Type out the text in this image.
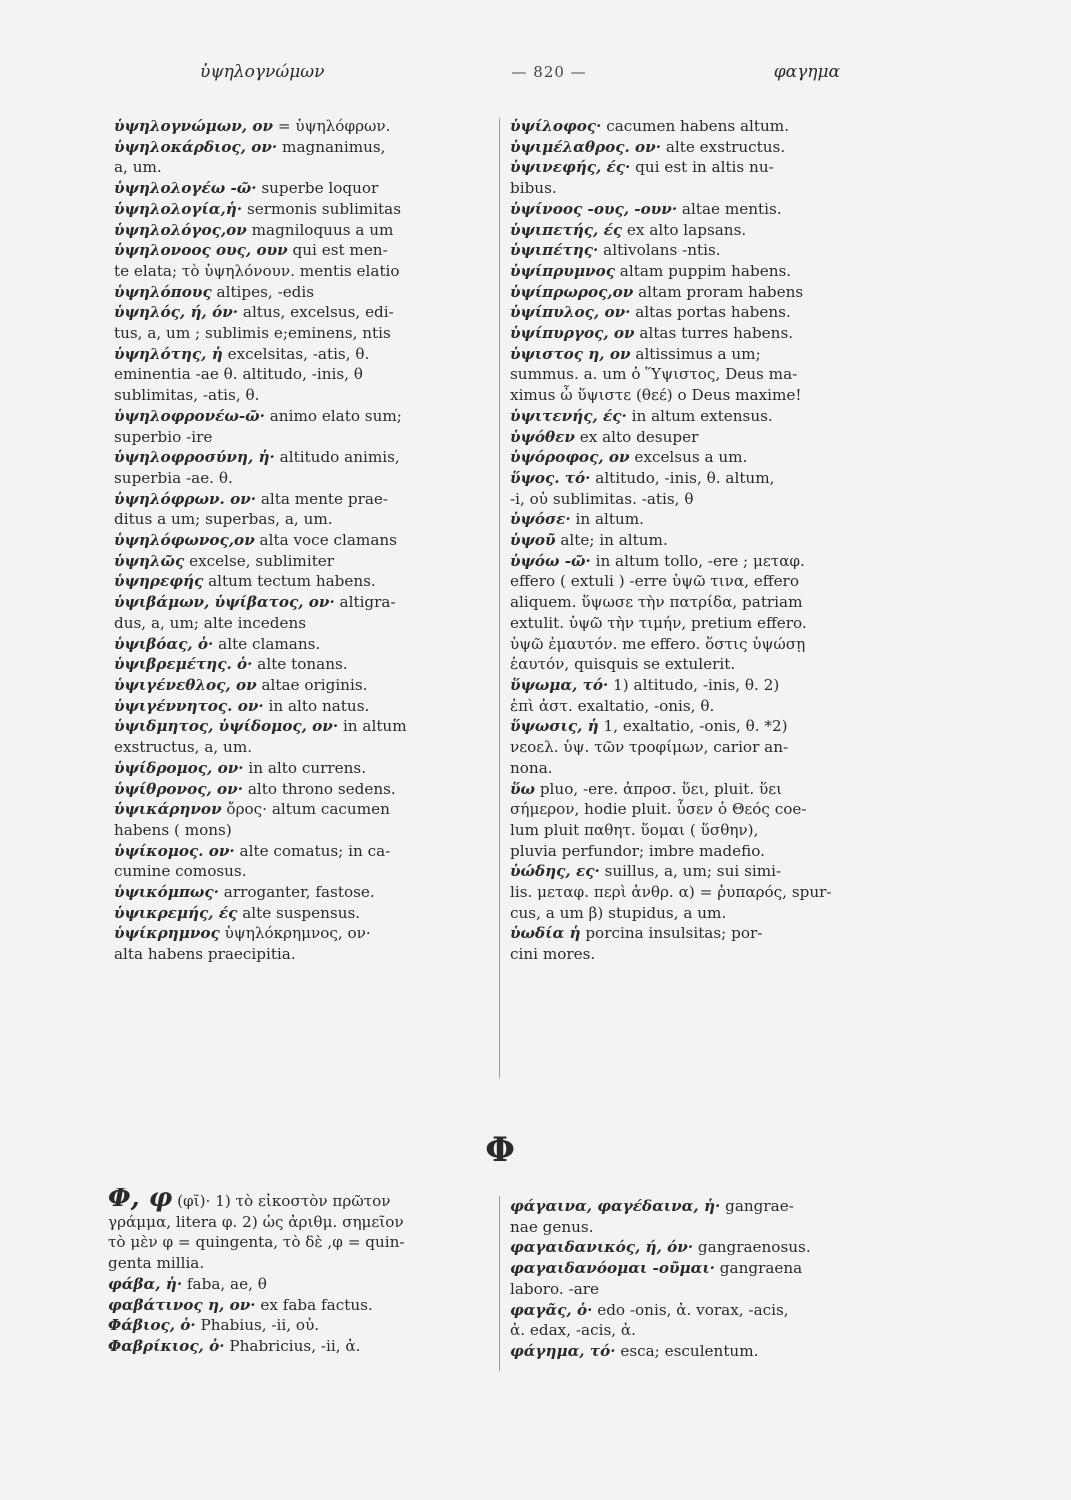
ὑψηλογνώμων	— 820 —	φαγημα
ὑψηλογνώμων, ον = ὑψηλόφρων.
ὑψηλοκάρδιος, ον· magnanimus,
a, um.
ὑψηλολογέω -ῶ· superbe loquor
ὑψηλολογία,ἡ· sermonis sublimitas
ὑψηλολόγος,ον magniloquus a um
ὑψηλονοος ους, ουν qui est men-
te elata; τὸ ὑψηλόνουν. mentis elatio
ὑψηλόπους altipes, -edis
ὑψηλός, ή, όν· altus, excelsus, edi-
tus, a, um ; sublimis e;eminens, ntis
ὑψηλότης, ἡ excelsitas, -atis, θ.
eminentia -ae θ. altitudo, -inis, θ
sublimitas, -atis, θ.
ὑψηλοφρονέω-ῶ· animo elato sum;
superbio -ire
ὑψηλοφροσύνη, ἡ· altitudo animis,
superbia -ae. θ.
ὑψηλόφρων. ον· alta mente prae-
ditus a um; superbas, a, um.
ὑψηλόφωνος,ον alta voce clamans
ὑψηλῶς excelse, sublimiter
ὑψηρεφής altum tectum habens.
ὑψιβάμων, ὑψίβατος, ον· altigra-
dus, a, um; alte incedens
ὑψιβόας, ὁ· alte clamans.
ὑψιβρεμέτης. ὁ· alte tonans.
ὑψιγένεθλος, ον altae originis.
ὑψιγέννητος. ον· in alto natus.
ὑψιδμητος, ὑψίδομος, ον· in altum
exstructus, a, um.
ὑψίδρομος, ον· in alto currens.
ὑψίθρονος, ον· alto throno sedens.
ὑψικάρηνον ὄρος· altum cacumen
habens ( mons)
ὑψίκομος. ον· alte comatus; in ca-
cumine comosus.
ὑψικόμπως· arroganter, fastose.
ὑψικρεμής, ές alte suspensus.
ὑψίκρημνος ὑψηλόκρημνος, ον·
alta habens praecipitia.
ὑψίλοφος· cacumen habens altum.
ὑψιμέλαθρος. ον· alte exstructus.
ὑψινεφής, ές· qui est in altis nu-
bibus.
ὑψίνοος -ους, -ουν· altae mentis.
ὑψιπετής, ές ex alto lapsans.
ὑψιπέτης· altivolans -ntis.
ὑψίπρυμνος altam puppim habens.
ὑψίπρωρος,ον altam proram habens
ὑψίπυλος, ον· altas portas habens.
ὑψίπυργος, ον altas turres habens.
ὑψιστος η, ον altissimus a um;
summus. a. um ὁ Ὕψιστος, Deus ma-
ximus ὦ ὕψιστε (θεέ) o Deus maxime!
ὑψιτενής, ές· in altum extensus.
ὑψόθεν ex alto desuper
ὑψόροφος, ον excelsus a um.
ὕψος. τό· altitudo, -inis, θ. altum,
-i, οὐ sublimitas. -atis, θ
ὑψόσε· in altum.
ὑψοῦ alte; in altum.
ὑψόω -ῶ· in altum tollo, -ere ; μεταφ.
effero ( extuli ) -erre ὑψῶ τινα, effero
aliquem. ὕψωσε τὴν πατρίδα, patriam
extulit. ὑψῶ τὴν τιμήν, pretium effero.
ὑψῶ ἐμαυτόν. me effero. ὅστις ὑψώσῃ
ἑαυτόν, quisquis se extulerit.
ὕψωμα, τό· 1) altitudo, -inis, θ. 2)
ἐπὶ ἀστ. exaltatio, -onis, θ.
ὕψωσις, ἡ 1, exaltatio, -onis, θ. *2)
νεοελ. ὑψ. τῶν τροφίμων, carior an-
nona.
ὕω pluo, -ere. ἀπροσ. ὕει, pluit. ὕει
σήμερον, hodie pluit. ὗσεν ὁ Θεός coe-
lum pluit παθητ. ὕομαι ( ὕσθην),
pluvia perfundor; imbre madefio.
ὑώδης, ες· suillus, a, um; sui simi-
lis. μεταφ. περὶ ἀνθρ. α) = ῥυπαρός, spur-
cus, a um β) stupidus, a um.
ὑωδία ἡ porcina insulsitas; por-
cini mores.
Φ
Φ, φ (φῖ)· 1) τὸ εἰκοστὸν πρῶτον
γράμμα, litera φ. 2) ὡς ἀριθμ. σημεῖον
τὸ μὲν φ = quingenta, τὸ δὲ ,φ = quin-
genta millia.
φάβα, ἡ· faba, ae, θ
φαβάτινος η, ον· ex faba factus.
Φάβιος, ὁ· Phabius, -ii, οὐ.
Φαβρίκιος, ὁ· Phabricius, -ii, ἀ.
φάγαινα, φαγέδαινα, ἡ· gangrae-
nae genus.
φαγαιδανικός, ή, όν· gangraenosus.
φαγαιδανόομαι -οῦμαι· gangraena
laboro. -are
φαγᾶς, ὁ· edo -onis, ἀ. vorax, -acis,
ἀ. edax, -acis, ἀ.
φάγημα, τό· esca; esculentum.
